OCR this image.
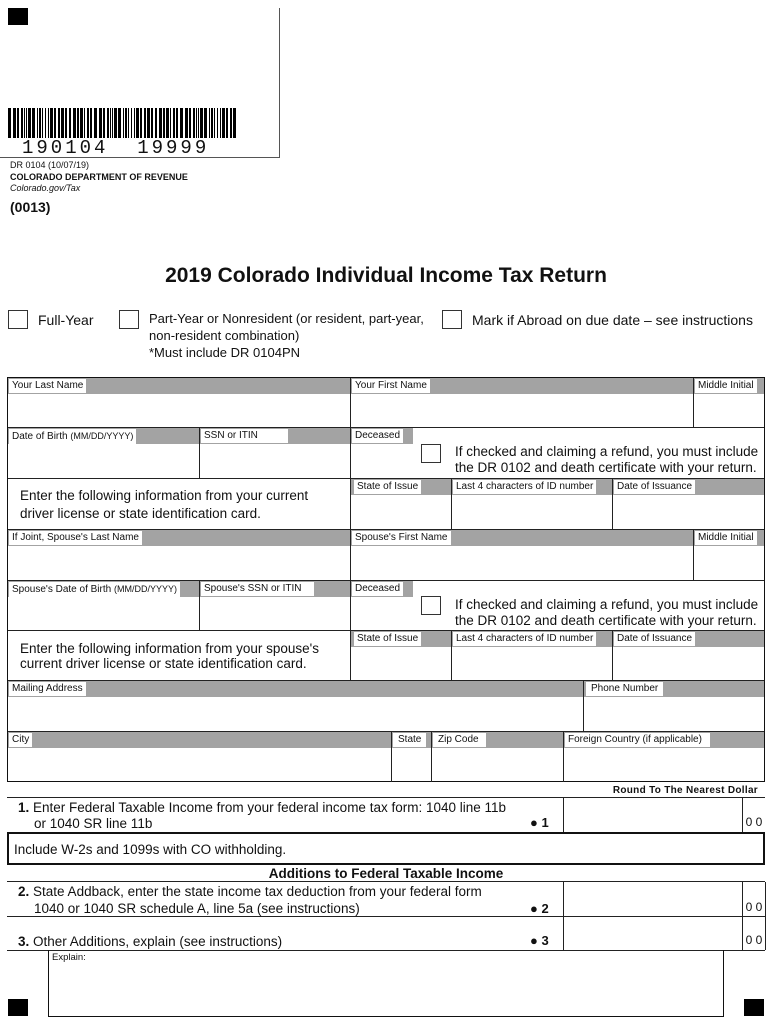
190104  19999
DR 0104 (10/07/19)
COLORADO DEPARTMENT OF REVENUE
Colorado.gov/Tax
(0013)
2019 Colorado Individual Income Tax Return
Full-Year	Part-Year or Nonresident (or resident, part-year,
non-resident combination)
*Must include DR 0104PN
Mark if Abroad on due date – see instructions
Your Last Name	Your First Name	Middle Initial
Date of Birth (MM/DD/YYYY)	SSN or ITIN	Deceased
If checked and claiming a refund, you must include
the DR 0102 and death certificate with your return.
Enter the following information from your current
driver license or state identification card.
State of Issue	Last 4 characters of ID number	Date of Issuance
If Joint, Spouse's Last Name	Spouse's First Name	Middle Initial
Spouse's Date of Birth (MM/DD/YYYY)	Spouse's SSN or ITIN	Deceased
If checked and claiming a refund, you must include
the DR 0102 and death certificate with your return.
Enter the following information from your spouse's
current driver license or state identification card.
State of Issue	Last 4 characters of ID number	Date of Issuance
Mailing Address	Phone Number
City	State	Zip Code	Foreign Country (if applicable)
Round To The Nearest Dollar
1. Enter Federal Taxable Income from your federal income tax form: 1040 line 11b
or 1040 SR line 11b	● 1	0 0
Include W-2s and 1099s with CO withholding.
Additions to Federal Taxable Income
2. State Addback, enter the state income tax deduction from your federal form
1040 or 1040 SR schedule A, line 5a (see instructions)	● 2	0 0
3. Other Additions, explain (see instructions)	● 3	0 0
Explain:
